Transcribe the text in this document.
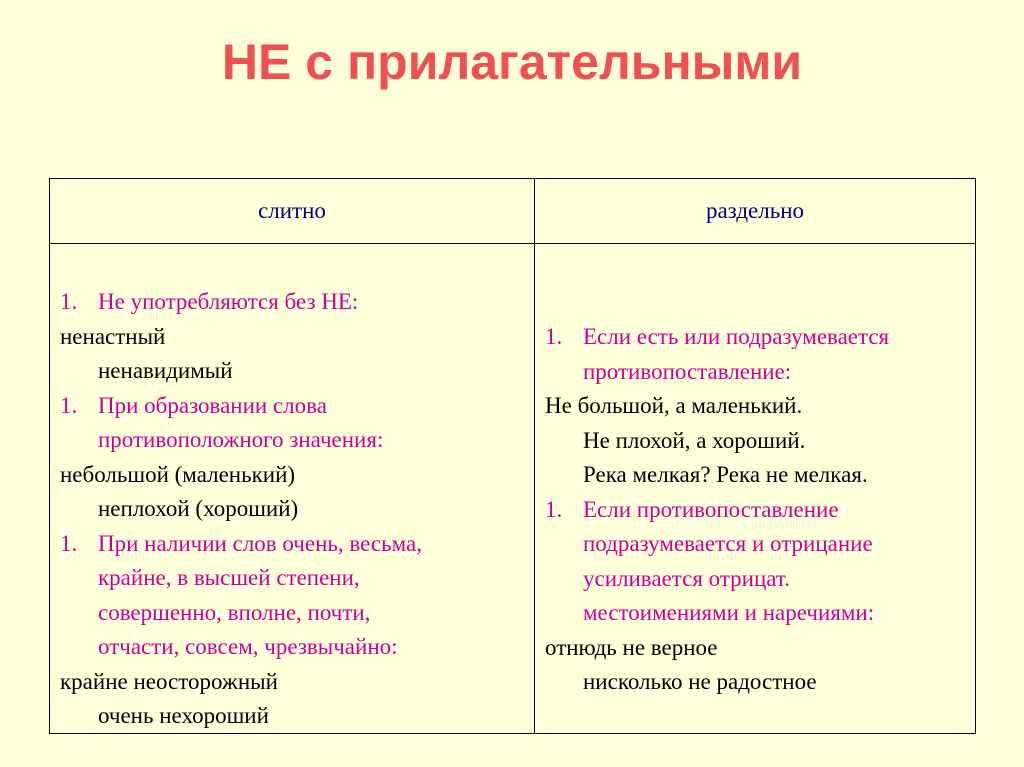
НЕ с прилагательными
слитно	раздельно
1. Не употребляются без НЕ:
ненастный
ненавидимый
1. При образовании слова
противоположного значения:
небольшой (маленький)
неплохой (хороший)
1. При наличии слов очень, весьма,
крайне, в высшей степени,
совершенно, вполне, почти,
отчасти, совсем, чрезвычайно:
крайне неосторожный
очень нехороший
1. Если есть или подразумевается
противопоставление:
Не большой, а маленький.
Не плохой, а хороший.
Река мелкая? Река не мелкая.
1. Если противопоставление
подразумевается и отрицание
усиливается отрицат.
местоимениями и наречиями:
отнюдь не верное
нисколько не радостное
